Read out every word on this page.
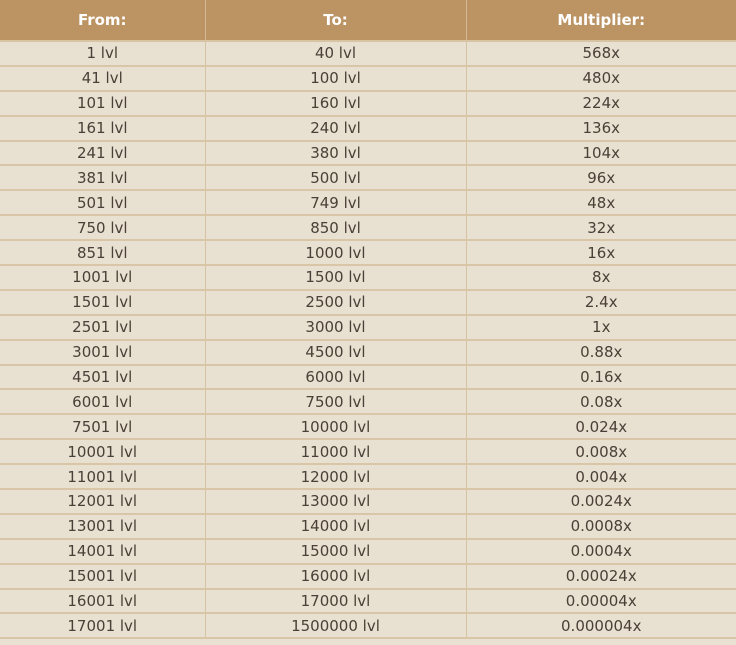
From:	To:	Multiplier:
1 lvl	40 lvl	568x
41 lvl	100 lvl	480x
101 lvl	160 lvl	224x
161 lvl	240 lvl	136x
241 lvl	380 lvl	104x
381 lvl	500 lvl	96x
501 lvl	749 lvl	48x
750 lvl	850 lvl	32x
851 lvl	1000 lvl	16x
1001 lvl	1500 lvl	8x
1501 lvl	2500 lvl	2.4x
2501 lvl	3000 lvl	1x
3001 lvl	4500 lvl	0.88x
4501 lvl	6000 lvl	0.16x
6001 lvl	7500 lvl	0.08x
7501 lvl	10000 lvl	0.024x
10001 lvl	11000 lvl	0.008x
11001 lvl	12000 lvl	0.004x
12001 lvl	13000 lvl	0.0024x
13001 lvl	14000 lvl	0.0008x
14001 lvl	15000 lvl	0.0004x
15001 lvl	16000 lvl	0.00024x
16001 lvl	17000 lvl	0.00004x
17001 lvl	1500000 lvl	0.000004x
